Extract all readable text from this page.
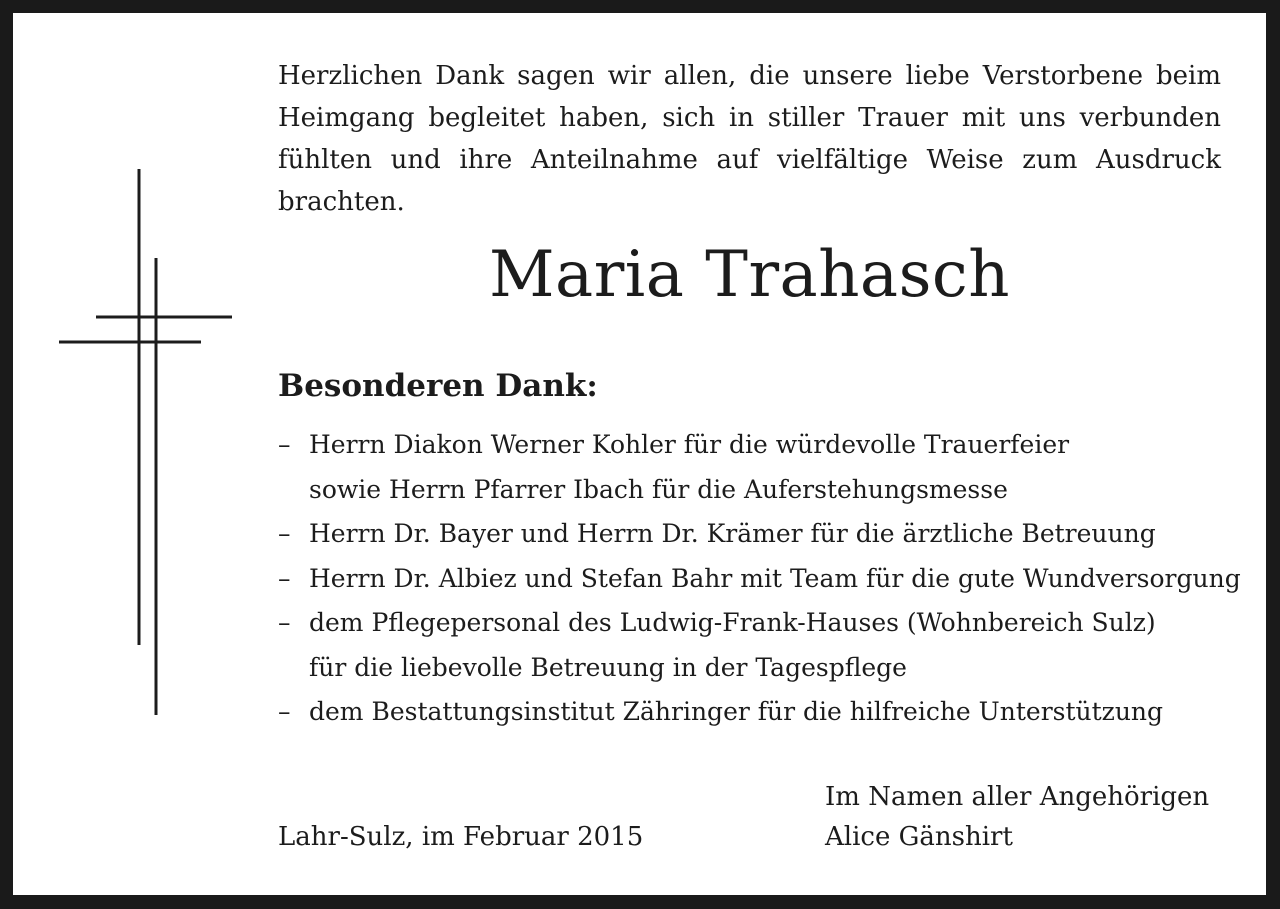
Herzlichen Dank sagen wir allen, die unsere liebe Verstorbene beim Heimgang begleitet haben, sich in stiller Trauer mit uns verbunden fühlten und ihre Anteilnahme auf vielfältige Weise zum Ausdruck brachten.

Maria Trahasch
Besonderen Dank:
– Herrn Diakon Werner Kohler für die würdevolle Trauerfeier
sowie Herrn Pfarrer Ibach für die Auferstehungsmesse
– Herrn Dr. Bayer und Herrn Dr. Krämer für die ärztliche Betreuung
– Herrn Dr. Albiez und Stefan Bahr mit Team für die gute Wundversorgung
– dem Pflegepersonal des Ludwig-Frank-Hauses (Wohnbereich Sulz)
für die liebevolle Betreuung in der Tagespflege
– dem Bestattungsinstitut Zähringer für die hilfreiche Unterstützung

Lahr-Sulz, im Februar 2015

Im Namen aller Angehörigen
Alice Gänshirt
